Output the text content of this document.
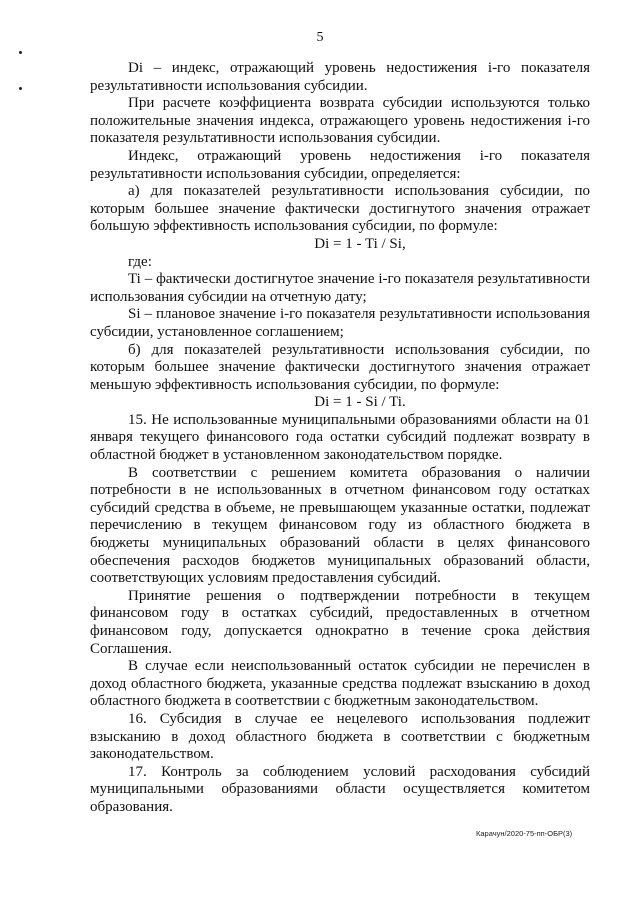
5

Di – индекс, отражающий уровень недостижения i-го показателя результативности использования субсидии.

При расчете коэффициента возврата субсидии используются только положительные значения индекса, отражающего уровень недостижения i-го показателя результативности использования субсидии.

Индекс, отражающий уровень недостижения i-го показателя результативности использования субсидии, определяется:

а) для показателей результативности использования субсидии, по которым большее значение фактически достигнутого значения отражает большую эффективность использования субсидии, по формуле:

Di = 1 - Ti / Si,

где:

Ti – фактически достигнутое значение i-го показателя результативности использования субсидии на отчетную дату;

Si – плановое значение i-го показателя результативности использования субсидии, установленное соглашением;

б) для показателей результативности использования субсидии, по которым большее значение фактически достигнутого значения отражает меньшую эффективность использования субсидии, по формуле:

Di = 1 - Si / Ti.

15. Не использованные муниципальными образованиями области на 01 января текущего финансового года остатки субсидий подлежат возврату в областной бюджет в установленном законодательством порядке.

В соответствии с решением комитета образования о наличии потребности в не использованных в отчетном финансовом году остатках субсидий средства в объеме, не превышающем указанные остатки, подлежат перечислению в текущем финансовом году из областного бюджета в бюджеты муниципальных образований области в целях финансового обеспечения расходов бюджетов муниципальных образований области, соответствующих условиям предоставления субсидий.

Принятие решения о подтверждении потребности в текущем финансовом году в остатках субсидий, предоставленных в отчетном финансовом году, допускается однократно в течение срока действия Соглашения.

В случае если неиспользованный остаток субсидии не перечислен в доход областного бюджета, указанные средства подлежат взысканию в доход областного бюджета в соответствии с бюджетным законодательством.

16. Субсидия в случае ее нецелевого использования подлежит взысканию в доход областного бюджета в соответствии с бюджетным законодательством.

17. Контроль за соблюдением условий расходования субсидий муниципальными образованиями области осуществляется комитетом образования.

Карачун/2020-75-пп-ОБР(3)
